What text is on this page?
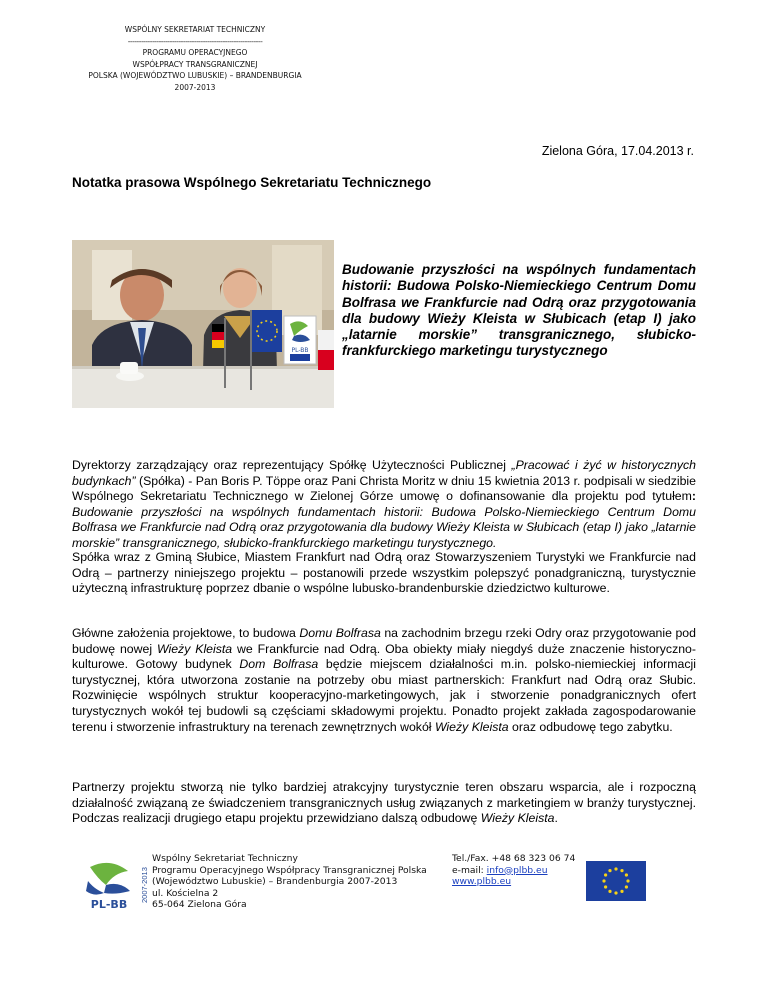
WSPÓLNY SEKRETARIAT TECHNICZNY
-------------------------------------------------------------
PROGRAMU OPERACYJNEGO
WSPÓŁPRACY TRANSGRANICZNEJ
POLSKA (WOJEWÓDZTWO LUBUSKIE) – BRANDENBURGIA
2007-2013
Zielona Góra, 17.04.2013 r.
Notatka prasowa Wspólnego Sekretariatu Technicznego
PL-BB
Budowanie przyszłości na wspólnych fundamentach historii: Budowa Polsko-Niemieckiego Centrum Domu Bolfrasa we Frankfurcie nad Odrą oraz przygotowania dla budowy Wieży Kleista w Słubicach (etap I) jako „latarnie morskie” transgranicznego, słubicko-frankfurckiego marketingu turystycznego

Dyrektorzy zarządzający oraz reprezentujący Spółkę Użyteczności Publicznej „Pracować i żyć w historycznych budynkach” (Spółka) - Pan Boris P. Töppe oraz Pani Christa Moritz w dniu 15 kwietnia 2013 r. podpisali w siedzibie Wspólnego Sekretariatu Technicznego w Zielonej Górze umowę o dofinansowanie dla projektu pod tytułem: Budowanie przyszłości na wspólnych fundamentach historii: Budowa Polsko-Niemieckiego Centrum Domu Bolfrasa we Frankfurcie nad Odrą oraz przygotowania dla budowy Wieży Kleista w Słubicach (etap I) jako „latarnie morskie” transgranicznego, słubicko-frankfurckiego marketingu turystycznego.

Spółka wraz z Gminą Słubice, Miastem Frankfurt nad Odrą oraz Stowarzyszeniem Turystyki we Frankfurcie nad Odrą – partnerzy niniejszego projektu – postanowili przede wszystkim polepszyć ponadgraniczną, turystycznie użyteczną infrastrukturę poprzez dbanie o wspólne lubusko-brandenburskie dziedzictwo kulturowe.

Główne założenia projektowe, to budowa Domu Bolfrasa na zachodnim brzegu rzeki Odry oraz przygotowanie pod budowę nowej Wieży Kleista we Frankfurcie nad Odrą. Oba obiekty miały niegdyś duże znaczenie historyczno-kulturowe. Gotowy budynek Dom Bolfrasa będzie miejscem działalności m.in. polsko-niemieckiej informacji turystycznej, która utworzona zostanie na potrzeby obu miast partnerskich: Frankfurt nad Odrą oraz Słubic. Rozwinięcie wspólnych struktur kooperacyjno-marketingowych, jak i stworzenie ponadgranicznych ofert turystycznych wokół tej budowli są częściami składowymi projektu. Ponadto projekt zakłada zagospodarowanie terenu i stworzenie infrastruktury na terenach zewnętrznych wokół Wieży Kleista oraz odbudowę tego zabytku.

Partnerzy projektu stworzą nie tylko bardziej atrakcyjny turystycznie teren obszaru wsparcia, ale i rozpoczną działalność związaną ze świadczeniem transgranicznych usług związanych z marketingiem w branży turystycznej. Podczas realizacji drugiego etapu projektu przewidziano dalszą odbudowę Wieży Kleista.

PL-BB
2007-2013
Wspólny Sekretariat Techniczny
Programu Operacyjnego Współpracy Transgranicznej Polska
(Województwo Lubuskie) – Brandenburgia 2007-2013
ul. Kościelna 2
65-064 Zielona Góra
Tel./Fax. +48 68 323 06 74
e-mail: info@plbb.eu
www.plbb.eu
